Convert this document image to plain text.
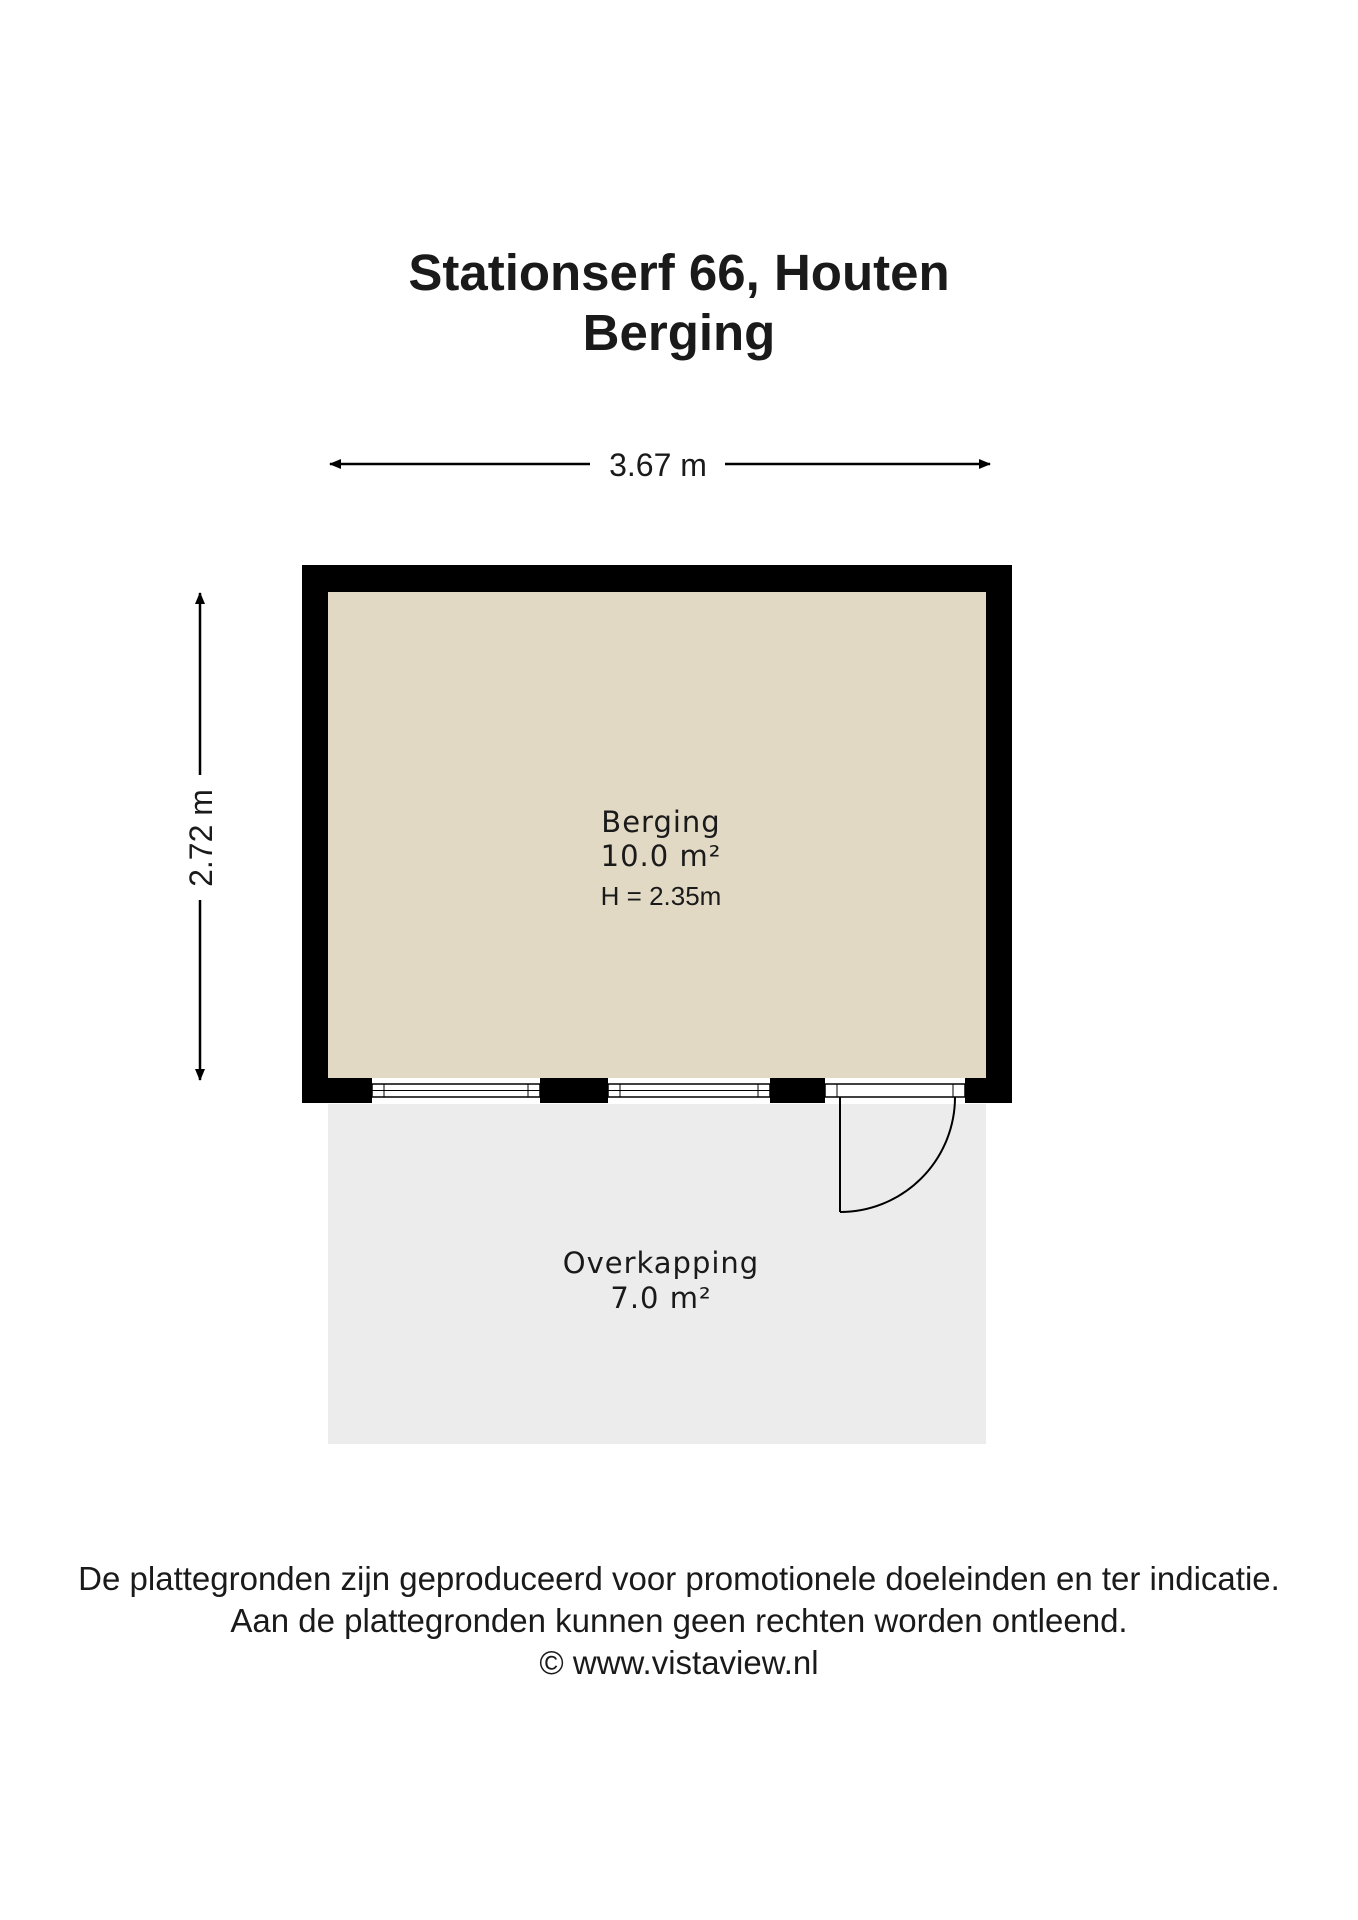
Stationserf 66, Houten
Berging
3.67 m
2.72 m	Berging
10.0 m²
H = 2.35m
Overkapping
7.0 m²
De plattegronden zijn geproduceerd voor promotionele doeleinden en ter indicatie.
Aan de plattegronden kunnen geen rechten worden ontleend.
© www.vistaview.nl
